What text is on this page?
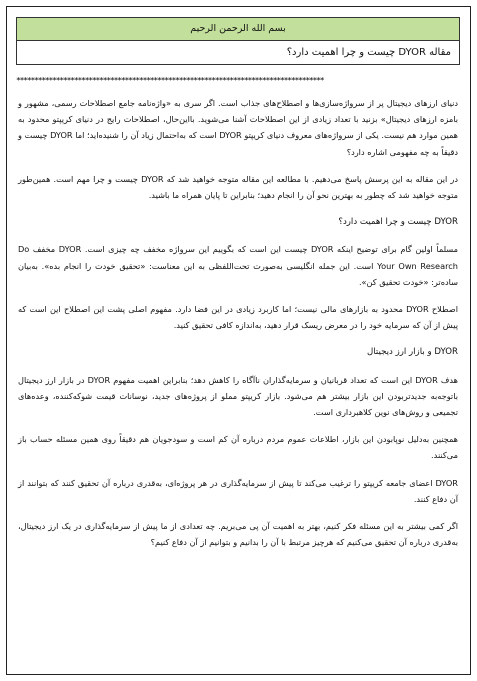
بسم الله الرحمن الرحيم
مقاله DYOR چیست و چرا اهمیت دارد؟
*************************************************************************************

دنیای ارزهای دیجیتال پر از سرواژه‌سازی‌ها و اصطلاح‌های جذاب است. اگر سری به «واژه‌نامه جامع اصطلاحات رسمی، مشهور و بامزه ارزهای دیجیتال» بزنید با تعداد زیادی از این اصطلاحات آشنا می‌شوید. بااین‌حال، اصطلاحات رایج در دنیای کریپتو محدود به همین موارد هم نیست. یکی از سرواژه‌های معروف دنیای کریپتو DYOR است که به‌احتمال زیاد آن را شنیده‌اید؛ اما DYOR چیست و دقیقاً به چه مفهومی اشاره دارد؟

در این مقاله به این پرسش پاسخ می‌دهیم. با مطالعه این مقاله متوجه خواهید شد که DYOR چیست و چرا مهم است. همین‌طور متوجه خواهید شد که چطور به بهترین نحو آن را انجام دهید؛ بنابراین تا پایان همراه ما باشید.

DYOR چیست و چرا اهمیت دارد؟

مسلماً اولین گام برای توضیح اینکه DYOR چیست این است که بگوییم این سرواژه مخفف چه چیزی است. DYOR مخفف Do Your Own Research است. این جمله انگلیسی به‌صورت تحت‌اللفظی به این معناست: «تحقیق خودت را انجام بده». به‌بیان ساده‌تر: «خودت تحقیق کن».

اصطلاح DYOR محدود به بازارهای مالی نیست؛ اما کاربرد زیادی در این فضا دارد. مفهوم اصلی پشت این اصطلاح این است که پیش از آن که سرمایه خود را در معرض ریسک قرار دهید، به‌اندازه کافی تحقیق کنید.

DYOR و بازار ارز دیجیتال

هدف DYOR این است که تعداد قربانیان و سرمایه‌گذاران ناآگاه را کاهش دهد؛ بنابراین اهمیت مفهوم DYOR در بازار ارز دیجیتال باتوجه‌به جدیدتربودن این بازار بیشتر هم می‌شود. بازار کریپتو مملو از پروژه‌های جدید، نوسانات قیمت شوکه‌کننده، وعده‌های تجمیعی و روش‌های نوین کلاهبرداری است.

همچنین به‌دلیل نوپابودن این بازار، اطلاعات عموم مردم درباره آن کم است و سودجویان هم دقیقاً روی همین مسئله حساب باز می‌کنند.

DYOR اعضای جامعه کریپتو را ترغیب می‌کند تا پیش از سرمایه‌گذاری در هر پروژه‌ای، به‌قدری درباره آن تحقیق کنند که بتوانند از آن دفاع کنند.

اگر کمی بیشتر به این مسئله فکر کنیم، بهتر به اهمیت آن پی می‌بریم. چه تعدادی از ما پیش از سرمایه‌گذاری در یک ارز دیجیتال، به‌قدری درباره آن تحقیق می‌کنیم که هرچیز مرتبط با آن را بدانیم و بتوانیم از آن دفاع کنیم؟
